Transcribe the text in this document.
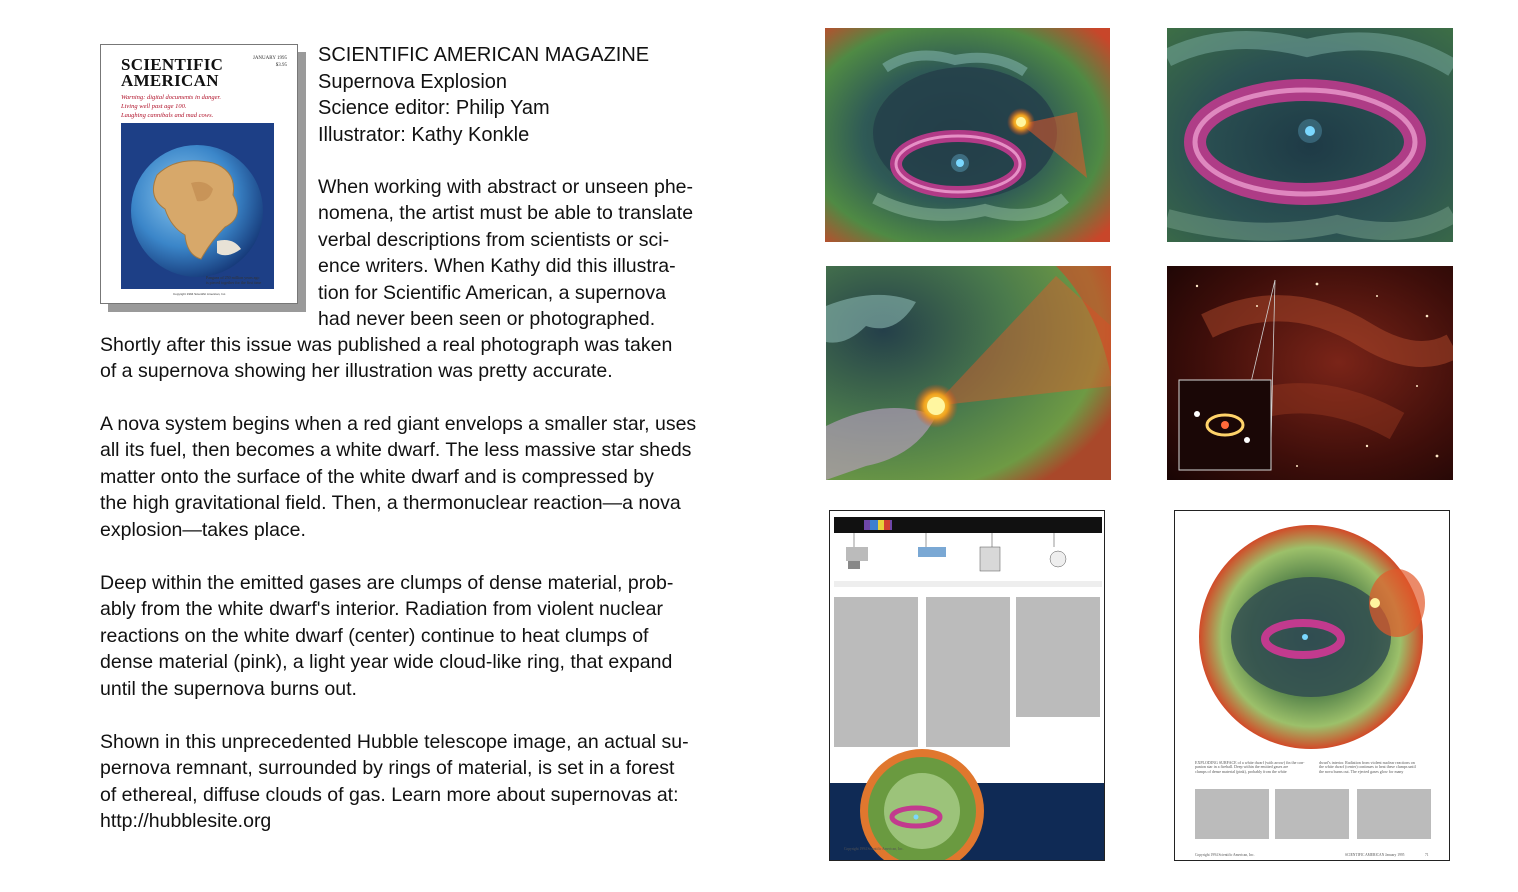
SCIENTIFIC
AMERICAN
JANUARY 1995
$3.95
Warning: digital documents in danger.
Living well past age 100.
Laughing cannibals and mad cows.
Pangaea of 250 million years ago
is pieced together for the first time
Copyright 1994 Scientific American, Inc.
SCIENTIFIC AMERICAN MAGAZINE
Supernova Explosion
Science editor: Philip Yam
Illustrator: Kathy Konkle

When working with abstract or unseen phe-
nomena, the artist must be able to translate
verbal descriptions from scientists or sci-
ence writers. When Kathy did this illustra-
tion for Scientific American, a supernova
had never been seen or photographed.

Shortly after this issue was published a real photograph was taken
of a supernova showing her illustration was pretty accurate.

A nova system begins when a red giant envelops a smaller star, uses
all its fuel, then becomes a white dwarf. The less massive star sheds
matter onto the surface of the white dwarf and is compressed by
the high gravitational field. Then, a thermonuclear reaction—a nova
explosion—takes place.

Deep within the emitted gases are clumps of dense material, prob-
ably from the white dwarf's interior. Radiation from violent nuclear
reactions on the white dwarf (center) continue to heat clumps of
dense material (pink), a light year wide cloud-like ring, that expand
until the supernova burns out.

Shown in this unprecedented Hubble telescope image, an actual su-
pernova remnant, surrounded by rings of material, is set in a forest
of ethereal, diffuse clouds of gas. Learn more about supernovas at:
http://hubblesite.org

Copyright 1994 Scientific American, Inc.
EXPLODING SURFACE of a white dwarf (with arrow) fin the con-
panion star in a fireball. Deep within the emitted gases are
clumps of dense material (pink), probably from the white
dwarf's interior. Radiation from violent nuclear reactions on
the white dwarf (center) continues to heat these clumps until
the nova burns out. The ejected gases glow for many
Copyright 1994 Scientific American, Inc.	SCIENTIFIC AMERICAN January 1995	71
